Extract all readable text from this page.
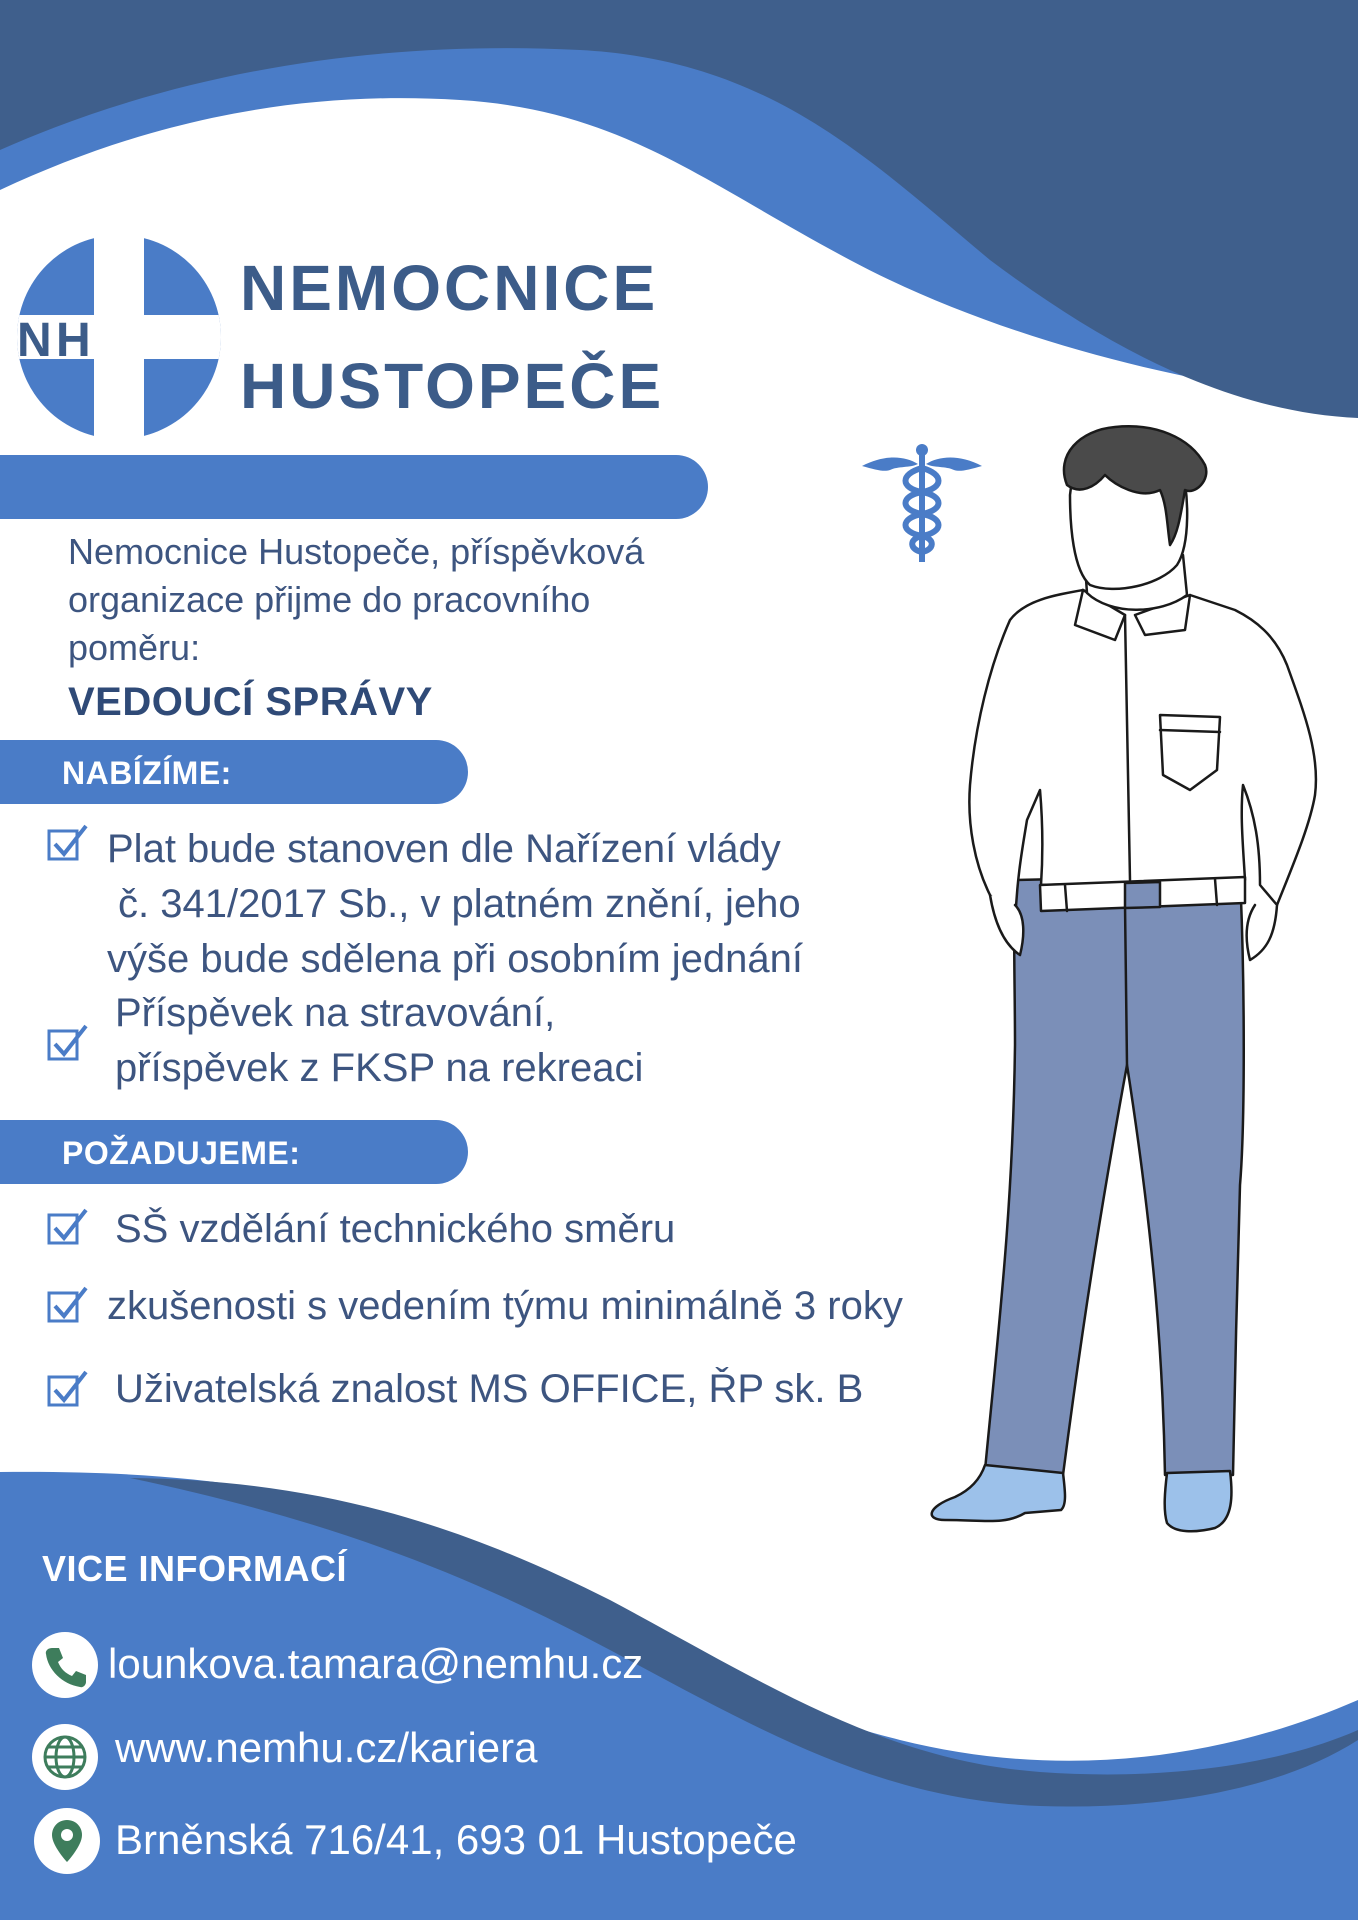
N H
NEMOCNICE
HUSTOPEČE
Nemocnice Hustopeče, příspěvková
organizace přijme do pracovního
poměru:
VEDOUCÍ SPRÁVY
NABÍZÍME:
Plat bude stanoven dle Nařízení vlády
č. 341/2017 Sb., v platném znění, jeho
výše bude sdělena při osobním jednání
Příspěvek na stravování,
příspěvek z FKSP na rekreaci
POŽADUJEME:
SŠ vzdělání technického směru
zkušenosti s vedením týmu minimálně 3 roky
Uživatelská znalost MS OFFICE, ŘP sk. B
VICE INFORMACÍ
lounkova.tamara@nemhu.cz
www.nemhu.cz/kariera
Brněnská 716/41, 693 01 Hustopeče
